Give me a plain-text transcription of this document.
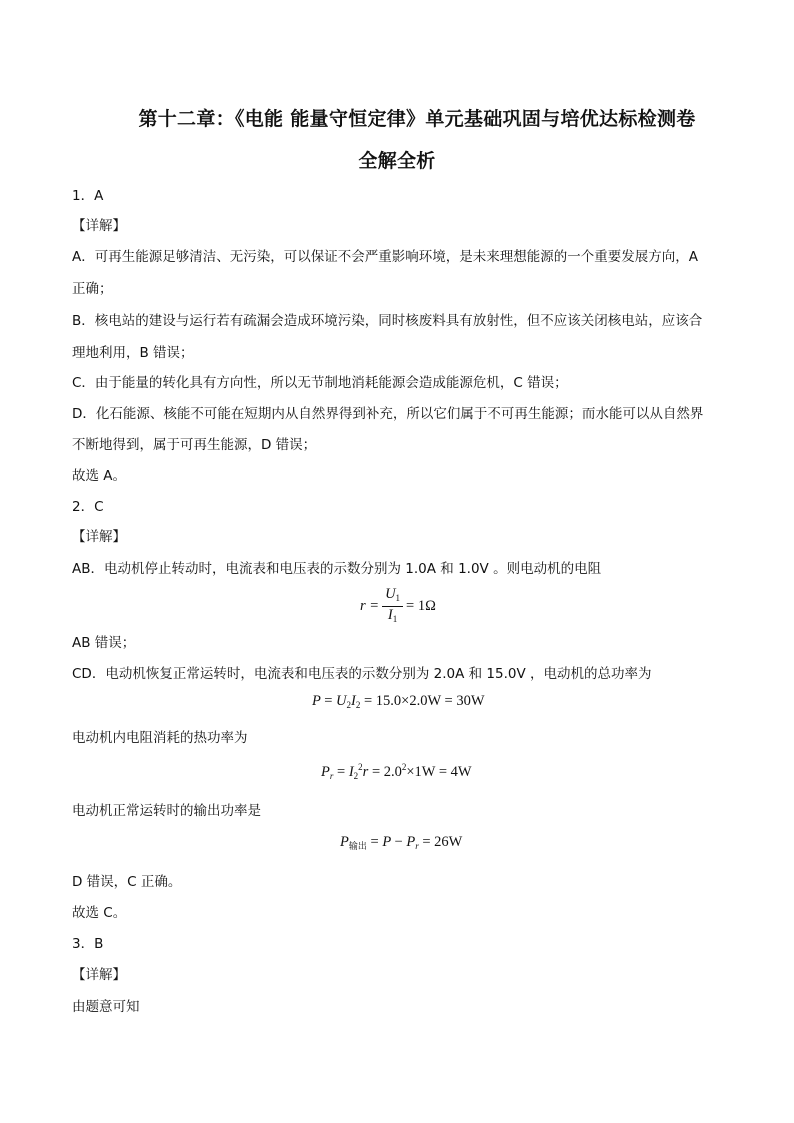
第十二章：《电能 能量守恒定律》单元基础巩固与培优达标检测卷
全解全析
1．A
【详解】
A．可再生能源足够清洁、无污染，可以保证不会严重影响环境，是未来理想能源的一个重要发展方向，A
正确；
B．核电站的建设与运行若有疏漏会造成环境污染，同时核废料具有放射性，但不应该关闭核电站，应该合
理地利用，B 错误；
C．由于能量的转化具有方向性，所以无节制地消耗能源会造成能源危机，C 错误；
D．化石能源、核能不可能在短期内从自然界得到补充，所以它们属于不可再生能源；而水能可以从自然界
不断地得到，属于可再生能源，D 错误；
故选 A。
2．C
【详解】
AB．电动机停止转动时，电流表和电压表的示数分别为 1.0A 和 1.0V 。则电动机的电阻
$r = \frac{U_1}{I_1} = 1\Omega$
AB 错误；
CD．电动机恢复正常运转时，电流表和电压表的示数分别为 2.0A 和 15.0V ，电动机的总功率为
$P = U_2I_2 = 15.0\times 2.0W = 30W$
电动机内电阻消耗的热功率为
$P_r = I_2^2r = 2.0^2\times 1W = 4W$
电动机正常运转时的输出功率是
$P_{输出} = P - P_r = 26W$
D 错误，C 正确。
故选 C。
3．B
【详解】
由题意可知
